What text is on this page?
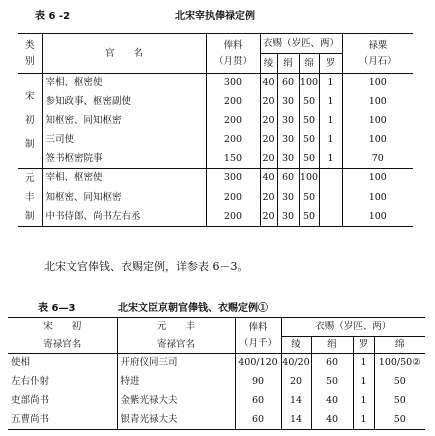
表 6 -2	北宋宰执俸禄定例
类
别	官　　名	俸料
（月贯）	衣赐（岁匹、两）				禄粟
（月石）

			绫	绢	绵	罗	

宋
初
制	宰相、枢密使	300	40	60	100	1	100
	参知政事、枢密副使	200	20	30	50	1	100
	知枢密、同知枢密	200	20	30	50	1	100
	三司使	200	20	30	50	1	100
	签书枢密院事	150	20	30	50	1	70

元
丰
制	宰相、枢密使	300	40	60	100		100
	知枢密、同知枢密	200	20	30	50		100
	中书侍郎、尚书左右丞	200	20	30	50		100
北宋文官俸钱、衣赐定例，详参表 6－3。
表 6—3	北宋文臣京朝官俸钱、衣赐定例①
宋　　初	元　　丰	俸料
（月千）	衣赐（岁匹、两）			
寄禄官名	寄禄官名		绫	绢	罗	绵
使相	开府仪同三司	400/120	40/20	60	1	100/50②
左右仆射	特进	90	20	50	1	50
吏部尚书	金紫光禄大夫	60	14	40	1	50
五曹尚书	银青光禄大夫	60	14	40	1	50
